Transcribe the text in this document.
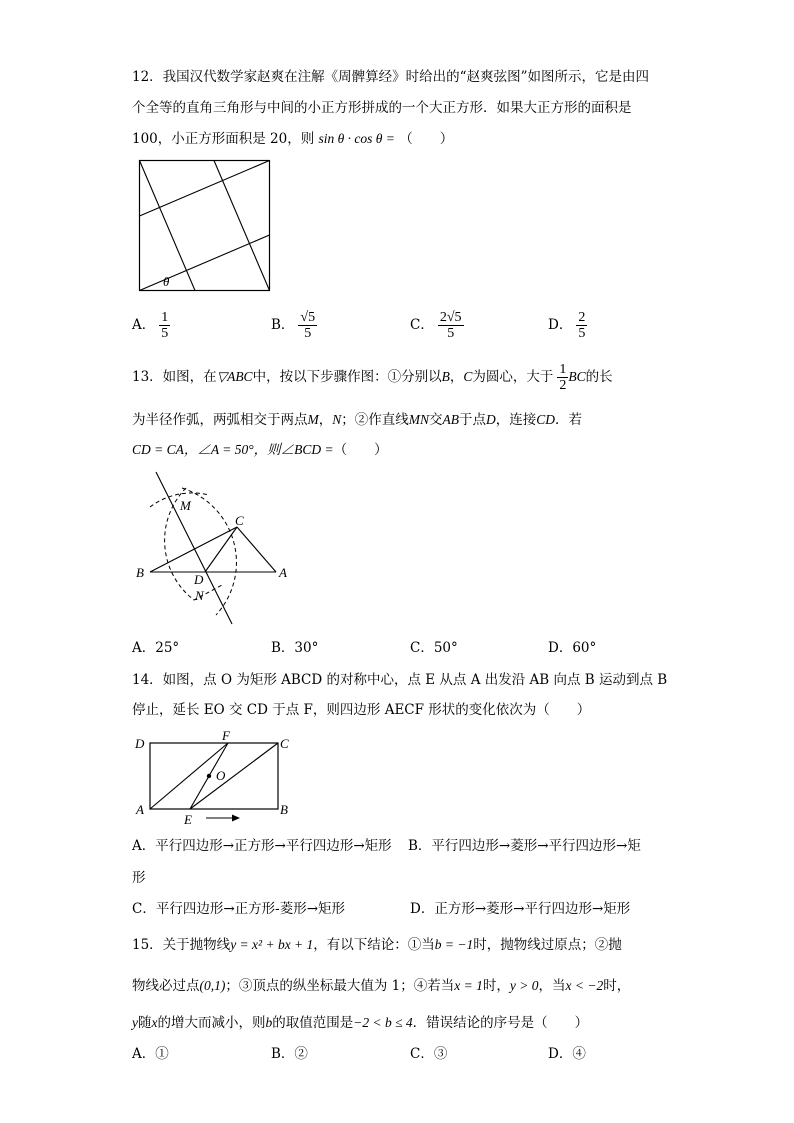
12．我国汉代数学家赵爽在注解《周髀算经》时给出的“赵爽弦图”如图所示，它是由四
个全等的直角三角形与中间的小正方形拼成的一个大正方形．如果大正方形的面积是
100，小正方形面积是 20，则 sin θ · cos θ = （　　）
θ
A． $\frac{1}{5}$	B． $\frac{√5}{5}$	C． $\frac{2√5}{5}$	D． $\frac{2}{5}$
13．如图，在▽ABC中，按以下步骤作图：①分别以B，C为圆心，大于 $\frac{1}{2}$ BC的长
为半径作弧，两弧相交于两点M，N；②作直线MN交AB于点D，连接CD．若
CD = CA，∠A = 50°，则∠BCD =（　　）
M
C
B	D	A
N
A．25°	B．30°	C．50°	D．60°
14．如图，点 O 为矩形 ABCD 的对称中心，点 E 从点 A 出发沿 AB 向点 B 运动到点 B
停止，延长 EO 交 CD 于点 F，则四边形 AECF 形状的变化依次为（　　）
D
F
C
O
A
E
B
A．平行四边形→正方形→平行四边形→矩形 B．平行四边形→菱形→平行四边形→矩
形
C．平行四边形→正方形-菱形→矩形	D．正方形→菱形→平行四边形→矩形
15．关于抛物线y = x² + bx + 1，有以下结论：①当b = −1时，抛物线过原点；②抛
物线必过点(0,1)；③顶点的纵坐标最大值为 1；④若当x = 1时，y > 0，当x < −2时，
y随x的增大而减小，则b的取值范围是−2 < b ≤ 4．错误结论的序号是（　　）
A．①	B．②	C．③	D．④
